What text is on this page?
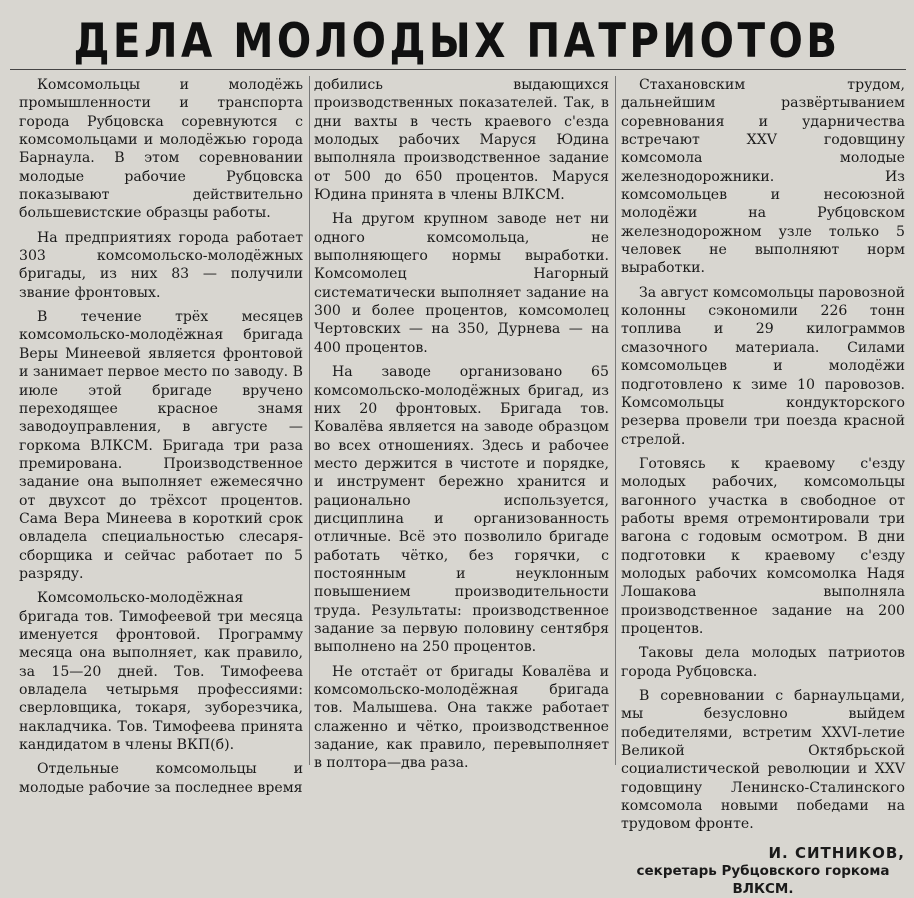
ДЕЛА МОЛОДЫХ ПАТРИОТОВ

Комсомольцы и молодёжь промышленности и транспорта города Рубцовска соревнуются с комсомольцами и молодёжью города Барнаула. В этом соревновании молодые рабочие Рубцовска показывают действительно большевистские образцы работы.

На предприятиях города работает 303 комсомольско-молодёжных бригады, из них 83 — получили звание фронтовых.

В течение трёх месяцев комсомольско-молодёжная бригада Веры Минеевой является фронтовой и занимает первое место по заводу. В июле этой бригаде вручено переходящее красное знамя заводоуправления, в августе — горкома ВЛКСМ. Бригада три раза премирована. Производственное задание она выполняет ежемесячно от двухсот до трёхсот процентов. Сама Вера Минеева в короткий срок овладела специальностью слесаря-сборщика и сейчас работает по 5 разряду.

Комсомольско-молодёжная бригада тов. Тимофеевой три месяца именуется фронтовой. Программу месяца она выполняет, как правило, за 15—20 дней. Тов. Тимофеева овладела четырьмя профессиями: сверловщика, токаря, зуборезчика, накладчика. Тов. Тимофеева принята кандидатом в члены ВКП(б).

Отдельные комсомольцы и молодые рабочие за последнее время

добились выдающихся производственных показателей. Так, в дни вахты в честь краевого с'езда молодых рабочих Маруся Юдина выполняла производственное задание от 500 до 650 процентов. Маруся Юдина принята в члены ВЛКСМ.

На другом крупном заводе нет ни одного комсомольца, не выполняющего нормы выработки. Комсомолец Нагорный систематически выполняет задание на 300 и более процентов, комсомолец Чертовских — на 350, Дурнева — на 400 процентов.

На заводе организовано 65 комсомольско-молодёжных бригад, из них 20 фронтовых. Бригада тов. Ковалёва является на заводе образцом во всех отношениях. Здесь и рабочее место держится в чистоте и порядке, и инструмент бережно хранится и рационально используется, дисциплина и организованность отличные. Всё это позволило бригаде работать чётко, без горячки, с постоянным и неуклонным повышением производительности труда. Результаты: производственное задание за первую половину сентября выполнено на 250 процентов.

Не отстаёт от бригады Ковалёва и комсомольско-молодёжная бригада тов. Малышева. Она также работает слаженно и чётко, производственное задание, как правило, перевыполняет в полтора—два раза.

Стахановским трудом, дальнейшим развёртыванием соревнования и ударничества встречают XXV годовщину комсомола молодые железнодорожники. Из комсомольцев и несоюзной молодёжи на Рубцовском железнодорожном узле только 5 человек не выполняют норм выработки.

За август комсомольцы паровозной колонны сэкономили 226 тонн топлива и 29 килограммов смазочного материала. Силами комсомольцев и молодёжи подготовлено к зиме 10 паровозов. Комсомольцы кондукторского резерва провели три поезда красной стрелой.

Готовясь к краевому с'езду молодых рабочих, комсомольцы вагонного участка в свободное от работы время отремонтировали три вагона с годовым осмотром. В дни подготовки к краевому с'езду молодых рабочих комсомолка Надя Лошакова выполняла производственное задание на 200 процентов.

Таковы дела молодых патриотов города Рубцовска.

В соревновании с барнаульцами, мы безусловно выйдем победителями, встретим XXVI-летие Великой Октябрьской социалистической революции и XXV годовщину Ленинско-Сталинского комсомола новыми победами на трудовом фронте.

И. СИТНИКОВ,
секретарь Рубцовского горкома ВЛКСМ.
